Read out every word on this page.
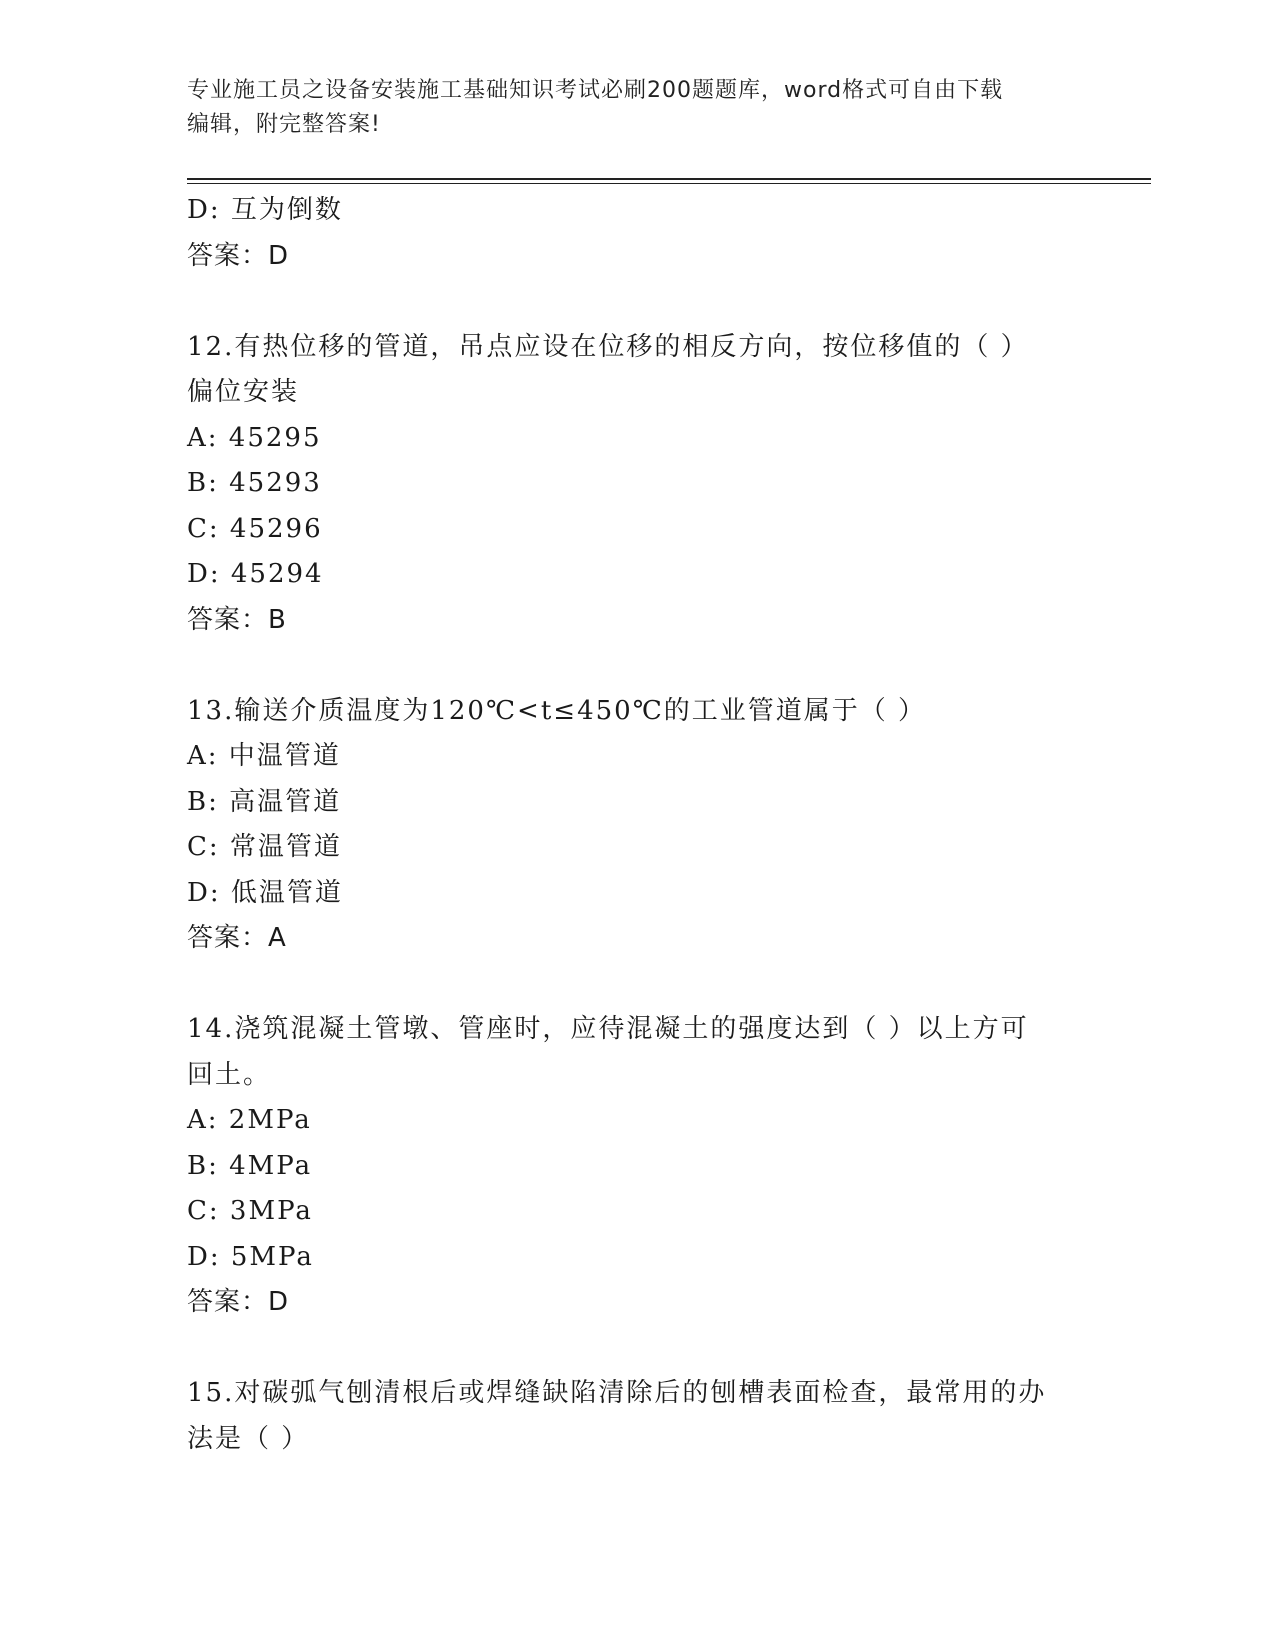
专业施工员之设备安装施工基础知识考试必刷200题题库，word格式可自由下载
编辑，附完整答案!
D: 互为倒数
答案：D
12.有热位移的管道，吊点应设在位移的相反方向，按位移值的（ ）
偏位安装
A: 45295
B: 45293
C: 45296
D: 45294
答案：B
13.输送介质温度为120℃<t≤450℃的工业管道属于（ ）
A: 中温管道
B: 高温管道
C: 常温管道
D: 低温管道
答案：A
14.浇筑混凝土管墩、管座时，应待混凝土的强度达到（ ）以上方可
回土。
A: 2MPa
B: 4MPa
C: 3MPa
D: 5MPa
答案：D
15.对碳弧气刨清根后或焊缝缺陷清除后的刨槽表面检查，最常用的办
法是（ ）
